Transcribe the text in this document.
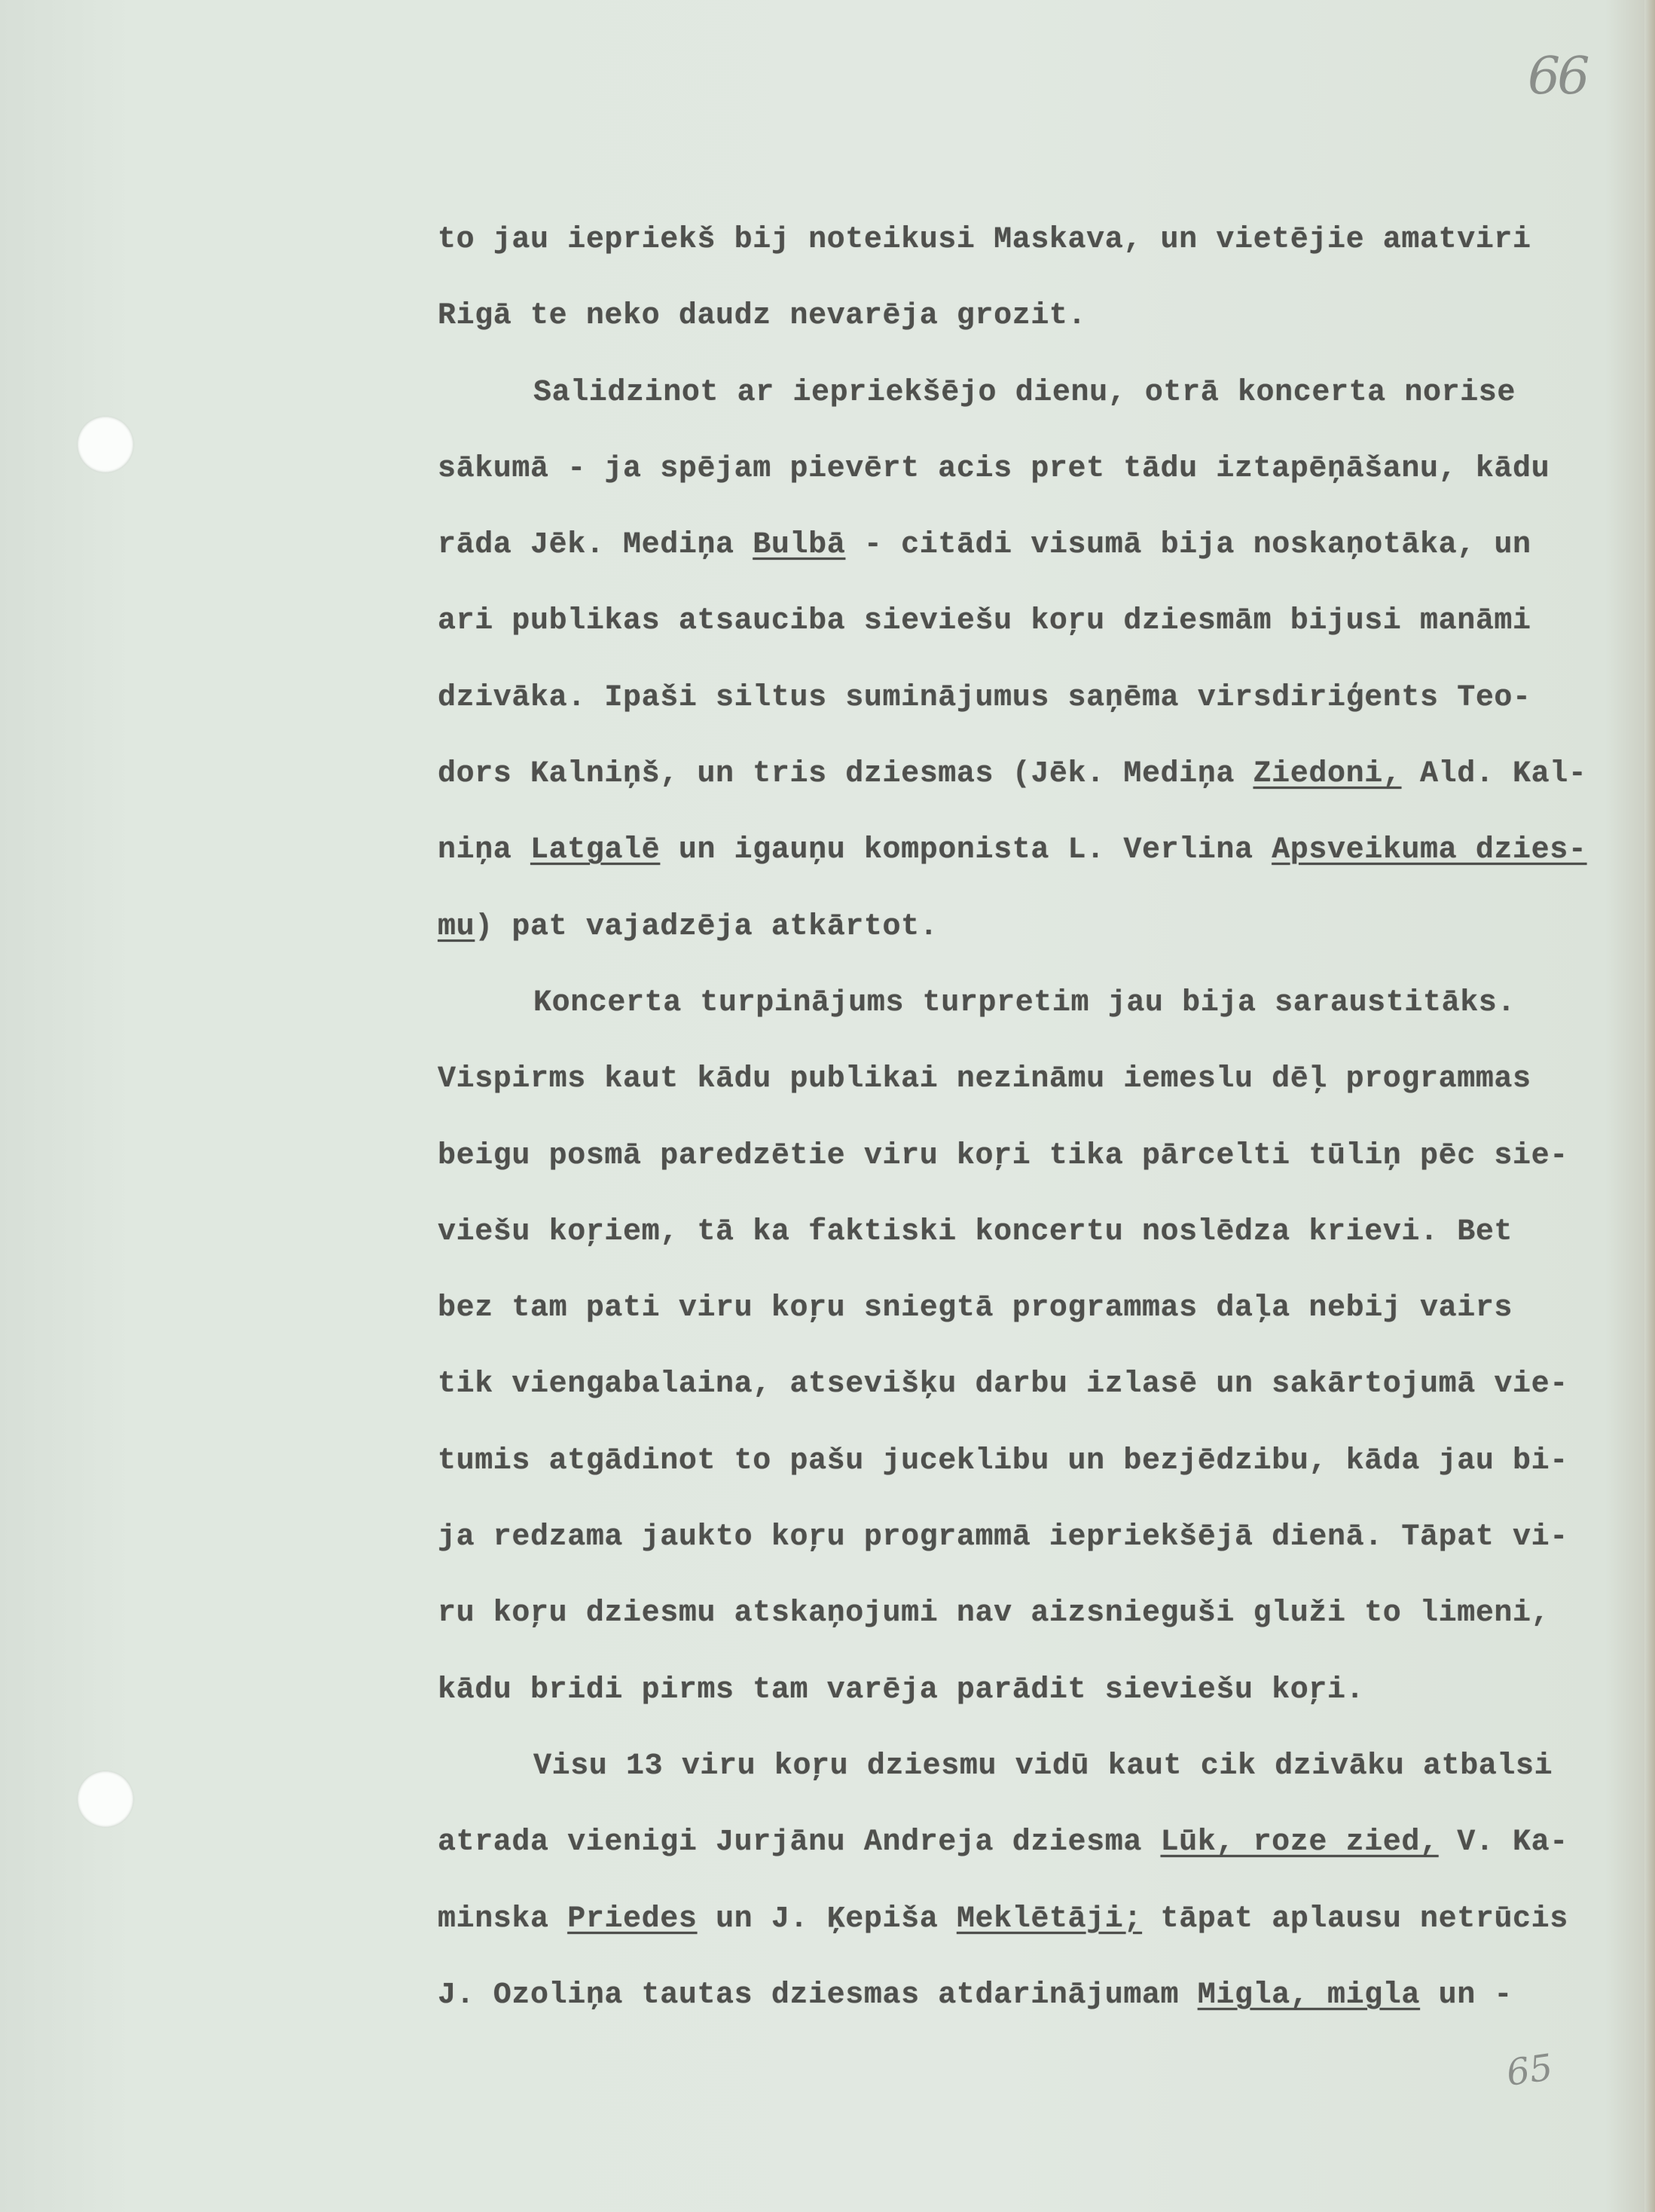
66
65
to jau iepriekš bij noteikusi Maskava, un vietējie amatviri
Rigā te neko daudz nevarēja grozit.
Salidzinot ar iepriekšējo dienu, otrā koncerta norise
sākumā - ja spējam pievērt acis pret tādu iztapēņāšanu, kādu
rāda Jēk. Mediņa Bulbā - citādi visumā bija noskaņotāka, un
ari publikas atsauciba sieviešu koŗu dziesmām bijusi manāmi
dzivāka. Ipaši siltus suminājumus saņēma virsdiriģents Teo-
dors Kalniņš, un tris dziesmas (Jēk. Mediņa Ziedoni, Ald. Kal-
niņa Latgalē un igauņu komponista L. Verlina Apsveikuma dzies-
mu) pat vajadzēja atkārtot.
Koncerta turpinājums turpretim jau bija saraustitāks.
Vispirms kaut kādu publikai nezināmu iemeslu dēļ programmas
beigu posmā paredzētie viru koŗi tika pārcelti tūliņ pēc sie-
viešu koŗiem, tā ka faktiski koncertu noslēdza krievi. Bet
bez tam pati viru koŗu sniegtā programmas daļa nebij vairs
tik viengabalaina, atsevišķu darbu izlasē un sakārtojumā vie-
tumis atgādinot to pašu juceklibu un bezjēdzibu, kāda jau bi-
ja redzama jaukto koŗu programmā iepriekšējā dienā. Tāpat vi-
ru koŗu dziesmu atskaņojumi nav aizsnieguši gluži to limeni,
kādu bridi pirms tam varēja parādit sieviešu koŗi.
Visu 13 viru koŗu dziesmu vidū kaut cik dzivāku atbalsi
atrada vienigi Jurjānu Andreja dziesma Lūk, roze zied, V. Ka-
minska Priedes un J. Ķepiša Meklētāji; tāpat aplausu netrūcis
J. Ozoliņa tautas dziesmas atdarinājumam Migla, migla un -
